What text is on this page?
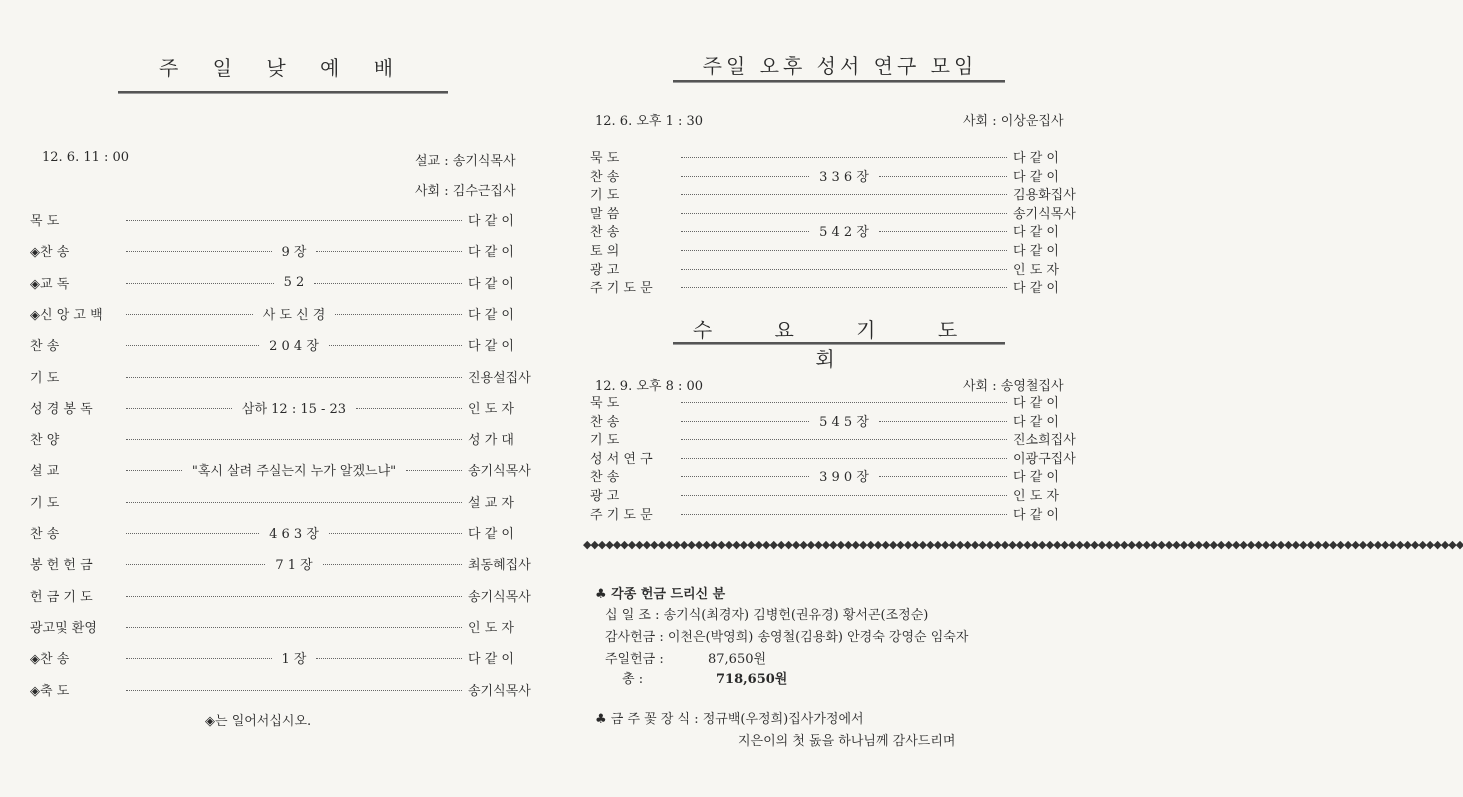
주 일 낮 예 배
12. 6. 11 : 00	설교 : 송기식목사
사회 : 김수근집사
목 도	다 같 이
◈찬 송	9 장	다 같 이
◈교 독	5 2	다 같 이
◈신 앙 고 백	사 도 신 경	다 같 이
찬 송	2 0 4 장	다 같 이
기 도	진용설집사
성 경 봉 독	삼하 12 : 15 - 23	인 도 자
찬 양	성 가 대
설 교	"혹시 살려 주실는지 누가 알겠느냐"	송기식목사
기 도	설 교 자
찬 송	4 6 3 장	다 같 이
봉 헌 헌 금	7 1 장	최동혜집사
헌 금 기 도	송기식목사
광고및 환영	인 도 자
◈찬 송	1 장	다 같 이
◈축 도	송기식목사
◈는 일어서십시오.
주일 오후 성서 연구 모임
12. 6. 오후 1 : 30	사회 : 이상운집사
묵 도	다 같 이
찬 송	3 3 6 장	다 같 이
기 도	김용화집사
말 씀	송기식목사
찬 송	5 4 2 장	다 같 이
토 의	다 같 이
광 고	인 도 자
주 기 도 문	다 같 이
수 요 기 도 회
12. 9. 오후 8 : 00	사회 : 송영철집사
묵 도	다 같 이
찬 송	5 4 5 장	다 같 이
기 도	진소희집사
성 서 연 구	이광구집사
찬 송	3 9 0 장	다 같 이
광 고	인 도 자
주 기 도 문	다 같 이
◆◆◆◆◆◆◆◆◆◆◆◆◆◆◆◆◆◆◆◆◆◆◆◆◆◆◆◆◆◆◆◆◆◆◆◆◆◆◆◆◆◆◆◆◆◆◆◆◆◆◆◆◆◆◆◆◆◆◆◆◆◆◆◆◆◆◆◆◆◆◆◆◆◆◆◆◆◆◆◆◆◆◆◆◆◆◆◆◆◆◆◆◆◆◆◆◆◆◆◆◆◆◆◆◆◆◆◆◆◆◆◆◆◆◆◆◆◆
♣ 각종 헌금 드리신 분
십 일 조 : 송기식(최경자) 김병헌(권유경) 황서곤(조정순)
감사헌금 : 이천은(박영희) 송영철(김용화) 안경숙 강영순 임숙자
주일헌금 :	87,650원
총 :	718,650원
♣ 금 주 꽃 장 식 : 정규백(우정희)집사가정에서
지은이의 첫 돐을 하나님께 감사드리며
